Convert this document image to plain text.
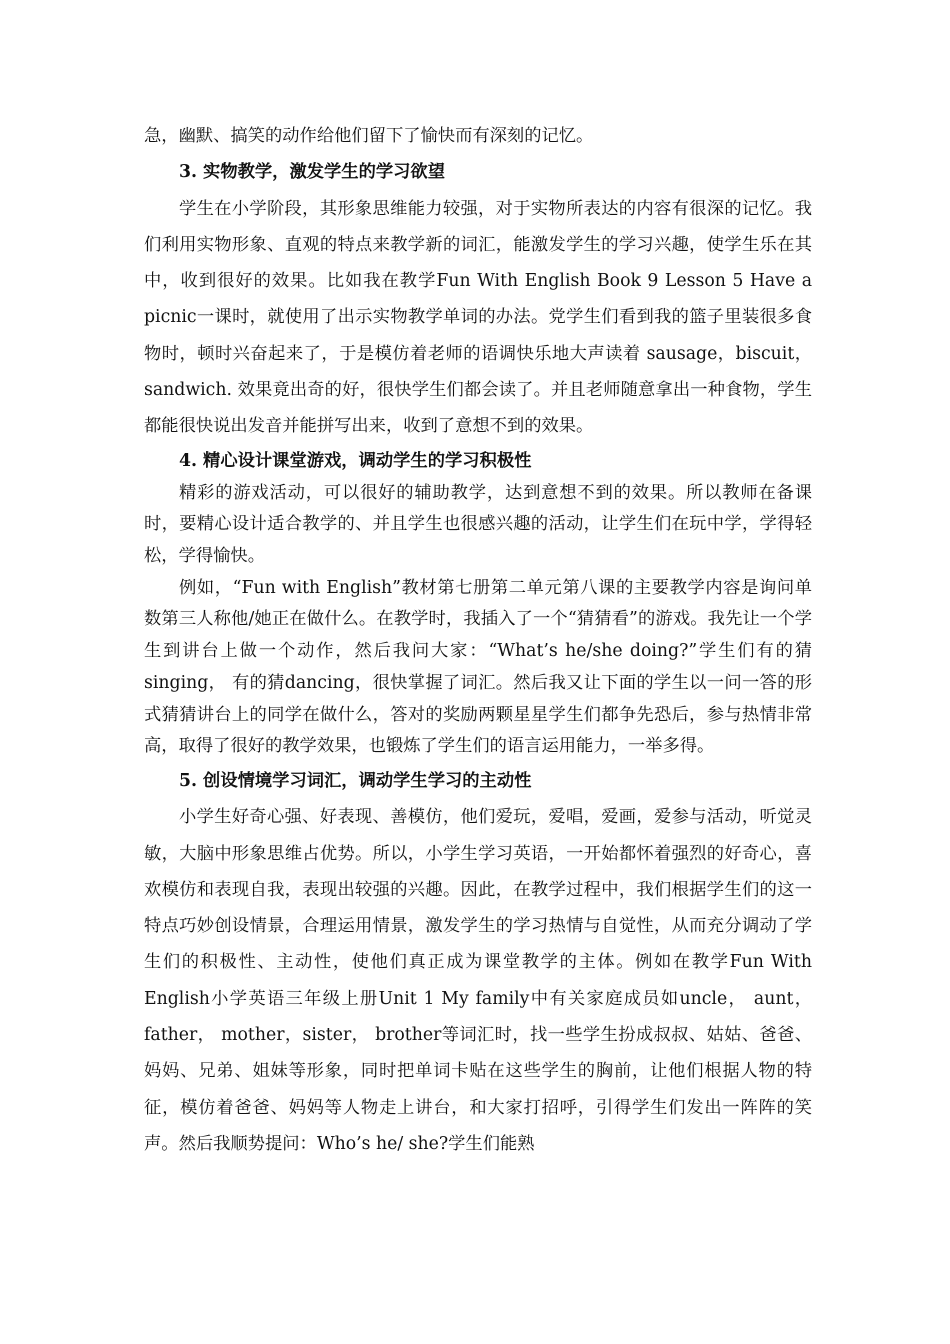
急，幽默、搞笑的动作给他们留下了愉快而有深刻的记忆。

3. 实物教学，激发学生的学习欲望

学生在小学阶段，其形象思维能力较强，对于实物所表达的内容有很深的记忆。我们利用实物形象、直观的特点来教学新的词汇，能激发学生的学习兴趣，使学生乐在其中，收到很好的效果。比如我在教学Fun With English Book 9 Lesson 5 Have a picnic一课时，就使用了出示实物教学单词的办法。党学生们看到我的篮子里装很多食物时，顿时兴奋起来了，于是模仿着老师的语调快乐地大声读着 sausage，biscuit， sandwich. 效果竟出奇的好，很快学生们都会读了。并且老师随意拿出一种食物，学生都能很快说出发音并能拼写出来，收到了意想不到的效果。

4. 精心设计课堂游戏，调动学生的学习积极性

精彩的游戏活动，可以很好的辅助教学，达到意想不到的效果。所以教师在备课时，要精心设计适合教学的、并且学生也很感兴趣的活动，让学生们在玩中学，学得轻松，学得愉快。

例如，“Fun with English”教材第七册第二单元第八课的主要教学内容是询问单数第三人称他/她正在做什么。在教学时，我插入了一个“猜猜看”的游戏。我先让一个学生到讲台上做一个动作，然后我问大家：“What’s he/she doing?”学生们有的猜singing， 有的猜dancing，很快掌握了词汇。然后我又让下面的学生以一问一答的形式猜猜讲台上的同学在做什么，答对的奖励两颗星星学生们都争先恐后，参与热情非常高，取得了很好的教学效果，也锻炼了学生们的语言运用能力，一举多得。

5. 创设情境学习词汇，调动学生学习的主动性

小学生好奇心强、好表现、善模仿，他们爱玩，爱唱，爱画，爱参与活动，听觉灵敏，大脑中形象思维占优势。所以，小学生学习英语，一开始都怀着强烈的好奇心，喜欢模仿和表现自我，表现出较强的兴趣。因此，在教学过程中，我们根据学生们的这一特点巧妙创设情景，合理运用情景，激发学生的学习热情与自觉性，从而充分调动了学生们的积极性、主动性，使他们真正成为课堂教学的主体。例如在教学Fun With English小学英语三年级上册Unit 1 My family中有关家庭成员如uncle， aunt， father， mother，sister， brother等词汇时，找一些学生扮成叔叔、姑姑、爸爸、妈妈、兄弟、姐妹等形象，同时把单词卡贴在这些学生的胸前，让他们根据人物的特征，模仿着爸爸、妈妈等人物走上讲台，和大家打招呼，引得学生们发出一阵阵的笑声。然后我顺势提问：Who’s he/ she?学生们能熟
